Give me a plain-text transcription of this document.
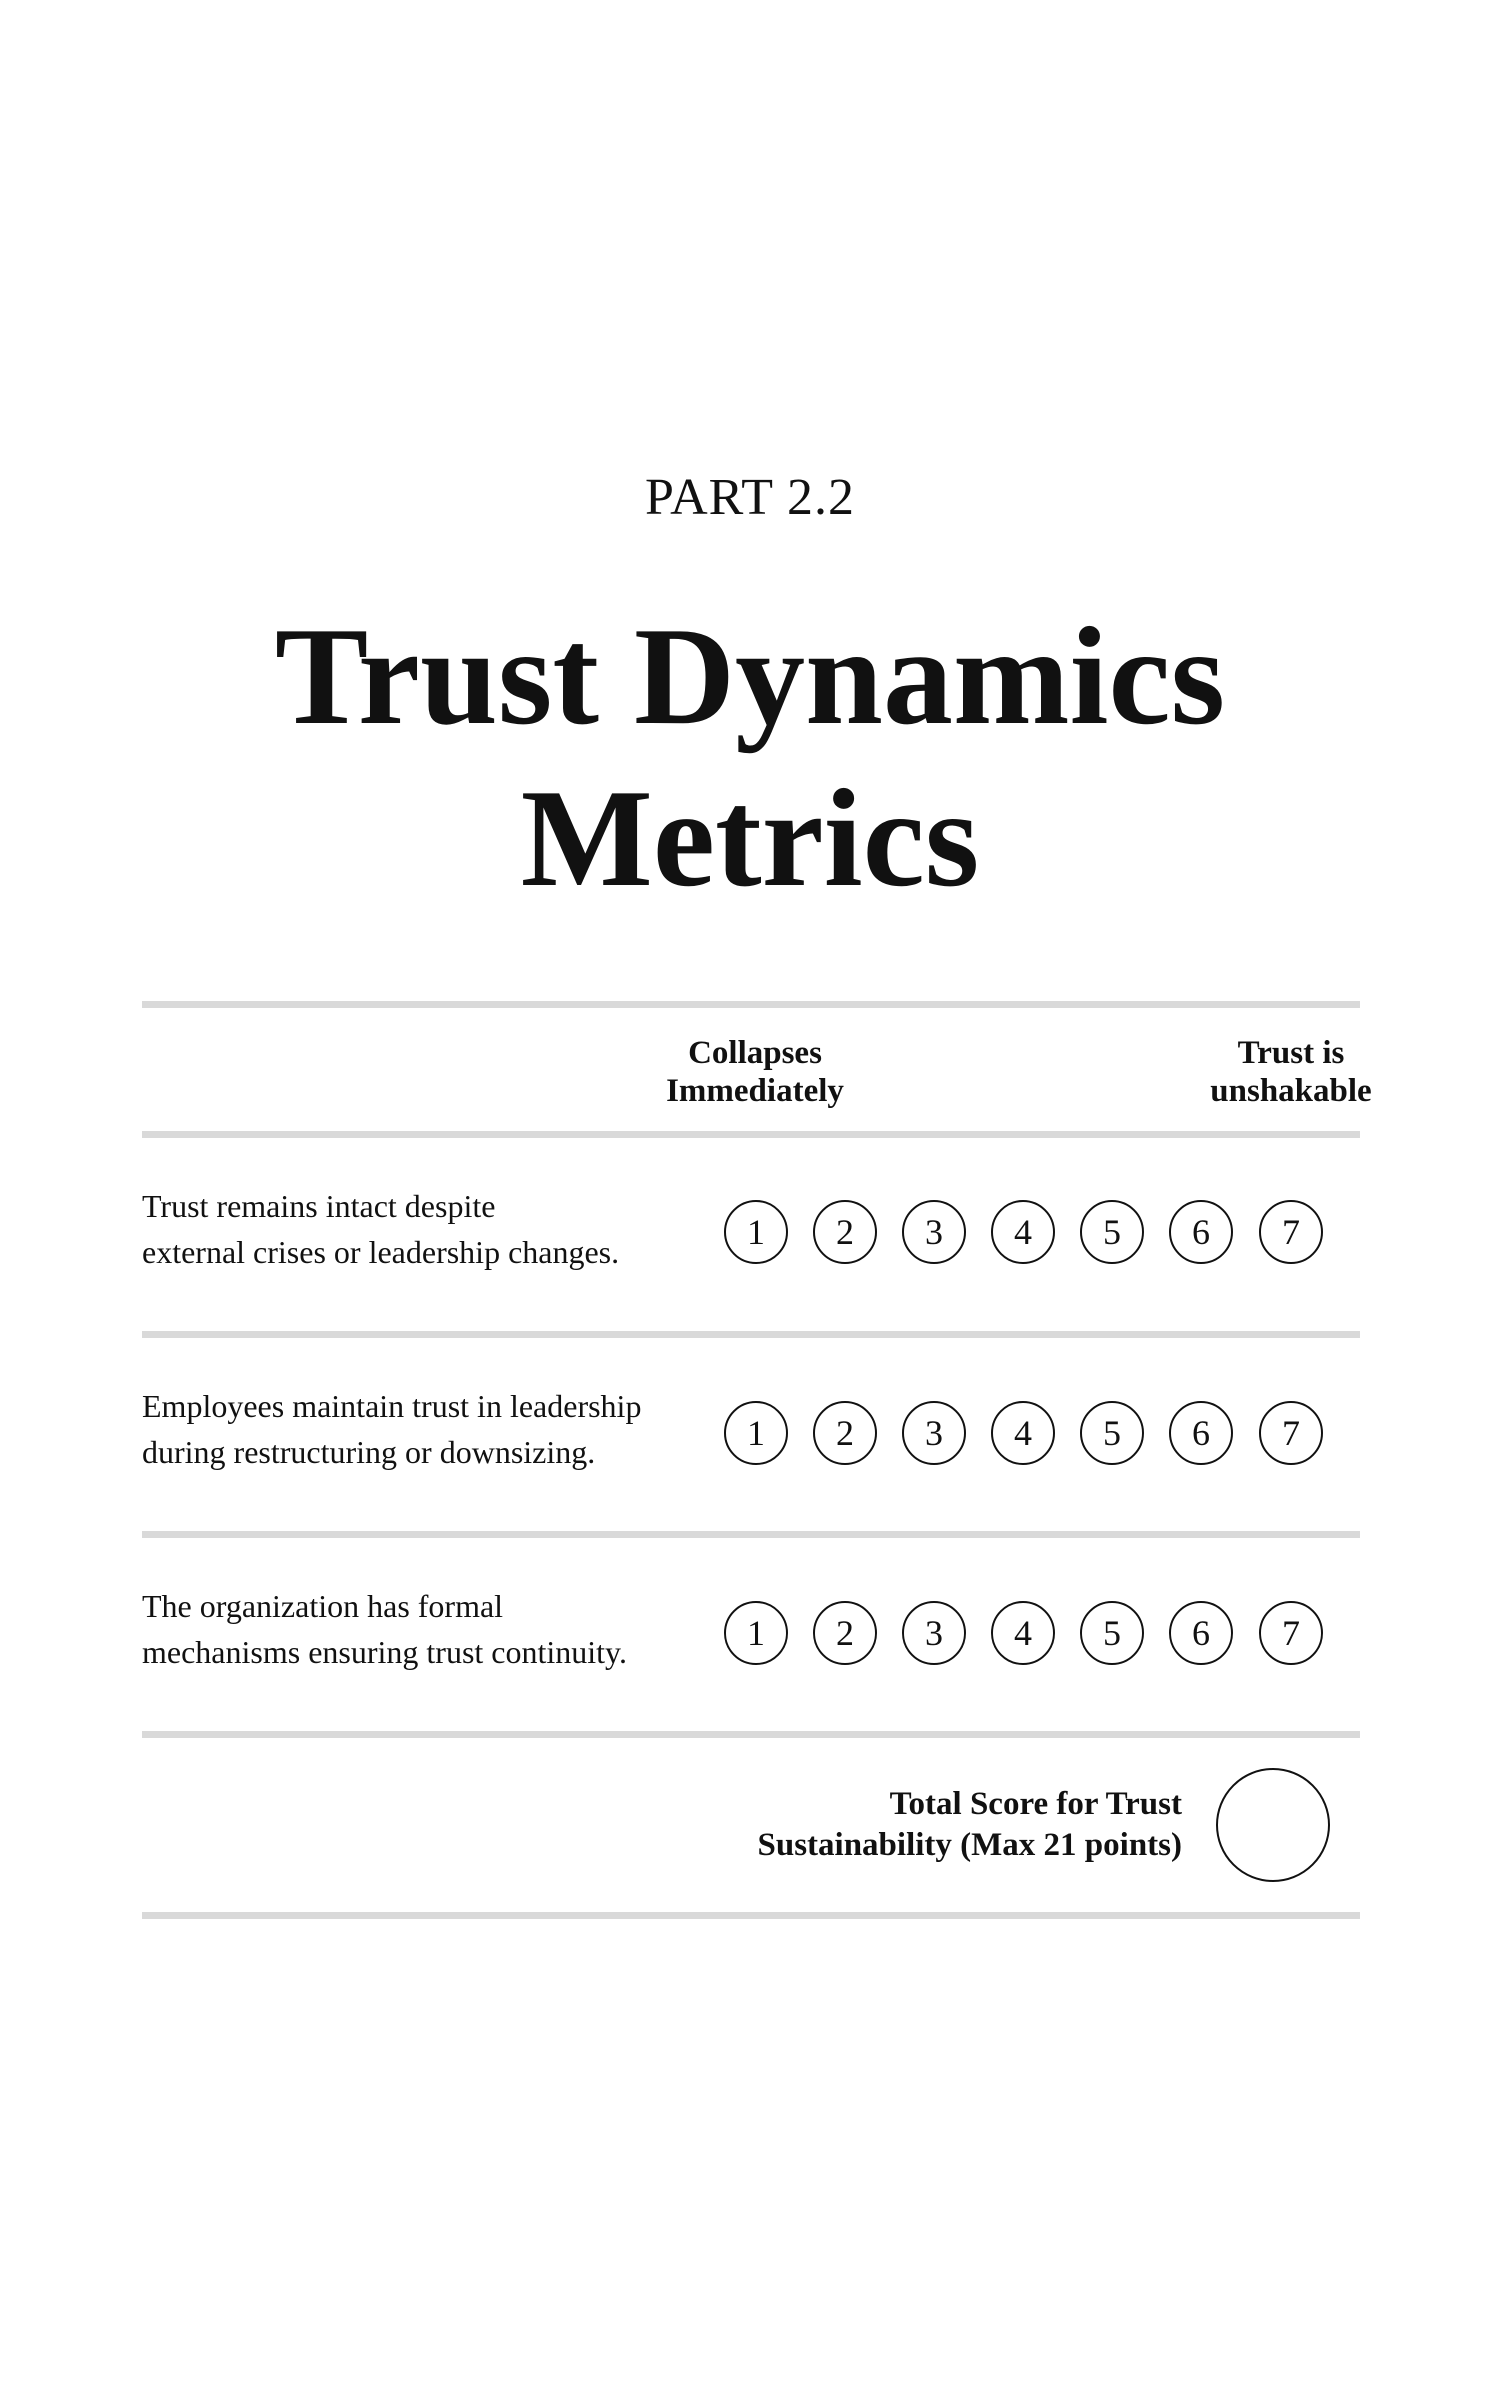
PART 2.2
Trust Dynamics
Metrics
Collapses Immediately
Trust is unshakable
Trust remains intact despite
external crises or leadership changes.	1	2	3	4	5	6	7
Employees maintain trust in leadership
during restructuring or downsizing.	1	2	3	4	5	6	7
The organization has formal
mechanisms ensuring trust continuity.	1	2	3	4	5	6	7
Total Score for Trust
Sustainability (Max 21 points)
